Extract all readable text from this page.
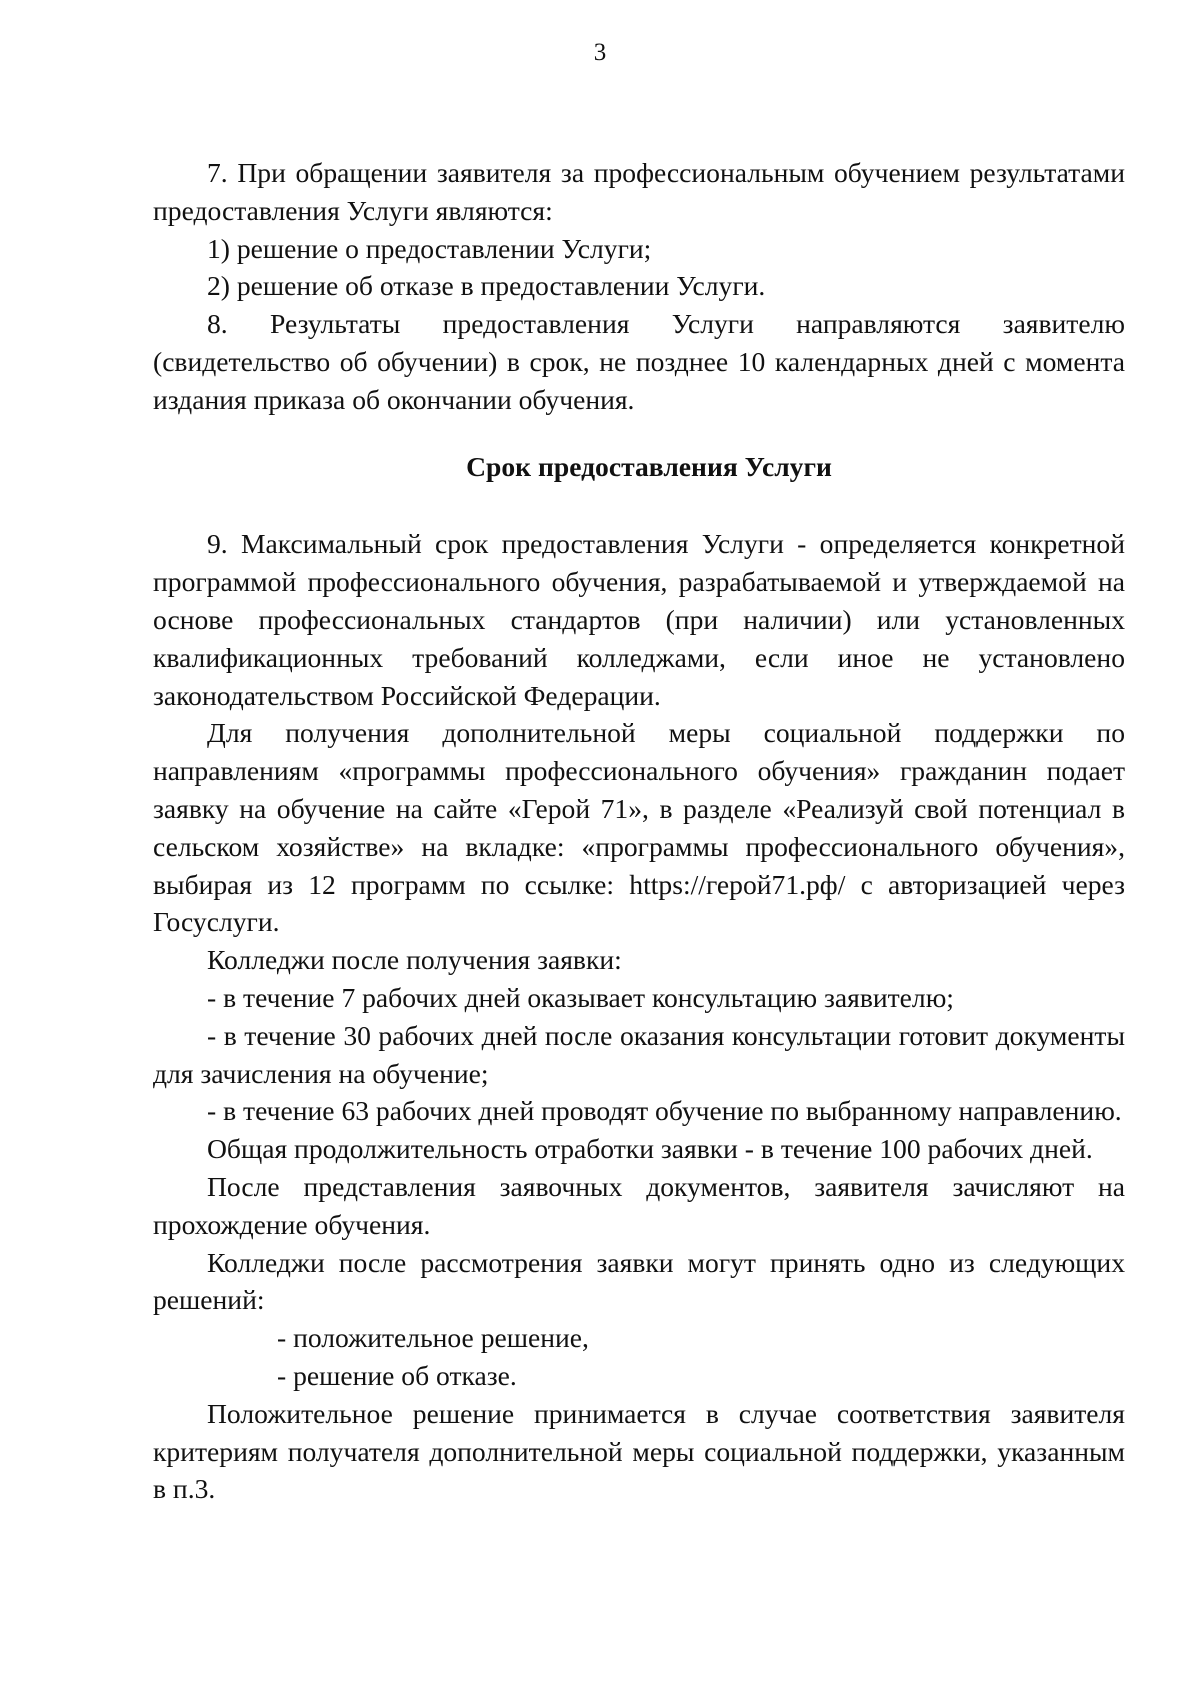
3

7. При обращении заявителя за профессиональным обучением результатами предоставления Услуги являются:

1) решение о предоставлении Услуги;

2) решение об отказе в предоставлении Услуги.

8. Результаты предоставления Услуги направляются заявителю (свидетельство об обучении) в срок, не позднее 10 календарных дней с момента издания приказа об окончании обучения.

Срок предоставления Услуги

9. Максимальный срок предоставления Услуги - определяется конкретной программой профессионального обучения, разрабатываемой и утверждаемой на основе профессиональных стандартов (при наличии) или установленных квалификационных требований колледжами, если иное не установлено законодательством Российской Федерации.

Для получения дополнительной меры социальной поддержки по направлениям «программы профессионального обучения» гражданин подает заявку на обучение на сайте «Герой 71», в разделе «Реализуй свой потенциал в сельском хозяйстве» на вкладке: «программы профессионального обучения», выбирая из 12 программ по ссылке: https://герой71.рф/ с авторизацией через Госуслуги.

Колледжи после получения заявки:

- в течение 7 рабочих дней оказывает консультацию заявителю;

- в течение 30 рабочих дней после оказания консультации готовит документы для зачисления на обучение;

- в течение 63 рабочих дней проводят обучение по выбранному направлению.

Общая продолжительность отработки заявки - в течение 100 рабочих дней.

После представления заявочных документов, заявителя зачисляют на прохождение обучения.

Колледжи после рассмотрения заявки могут принять одно из следующих решений:

- положительное решение,

- решение об отказе.

Положительное решение принимается в случае соответствия заявителя критериям получателя дополнительной меры социальной поддержки, указанным в п.3.
